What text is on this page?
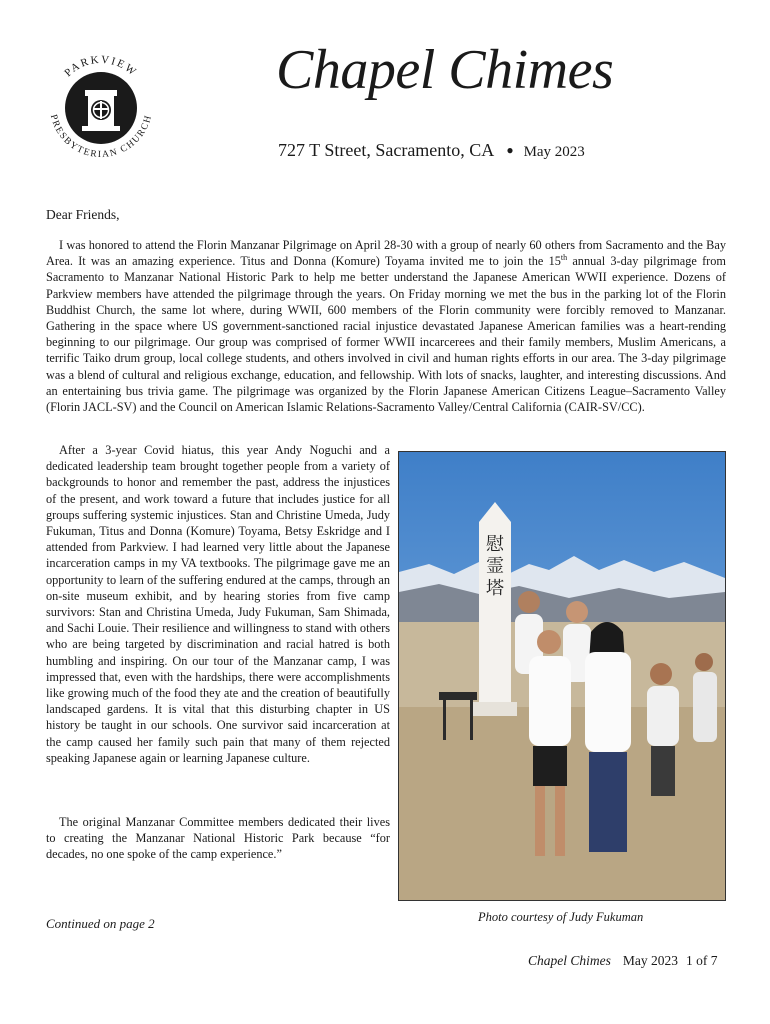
PARKVIEW
PRESBYTERIAN CHURCH
Chapel Chimes
727 T Street, Sacramento, CA ● May 2023
Dear Friends,

I was honored to attend the Florin Manzanar Pilgrimage on April 28-30 with a group of nearly 60 others from Sacramento and the Bay Area. It was an amazing experience. Titus and Donna (Komure) Toyama invited me to join the 15th annual 3-day pilgrimage from Sacramento to Manzanar National Historic Park to help me better understand the Japanese American WWII experience. Dozens of Parkview members have attended the pilgrimage through the years. On Friday morning we met the bus in the parking lot of the Florin Buddhist Church, the same lot where, during WWII, 600 members of the Florin community were forcibly removed to Manzanar. Gathering in the space where US government-sanctioned racial injustice devastated Japanese American families was a heart-rending beginning to our pilgrimage. Our group was comprised of former WWII incarcerees and their family members, Muslim Americans, a terrific Taiko drum group, local college students, and others involved in civil and human rights efforts in our area. The 3-day pilgrimage was a blend of cultural and religious exchange, education, and fellowship. With lots of snacks, laughter, and interesting discussions. And an entertaining bus trivia game. The pilgrimage was organized by the Florin Japanese American Citizens League–Sacramento Valley (Florin JACL-SV) and the Council on American Islamic Relations-Sacramento Valley/Central California (CAIR-SV/CC).

After a 3-year Covid hiatus, this year Andy Noguchi and a dedicated leadership team brought together people from a variety of backgrounds to honor and remember the past, address the injustices of the present, and work toward a future that includes justice for all groups suffering systemic injustices. Stan and Christine Umeda, Judy Fukuman, Titus and Donna (Komure) Toyama, Betsy Eskridge and I attended from Parkview. I had learned very little about the Japanese incarceration camps in my VA textbooks. The pilgrimage gave me an opportunity to learn of the suffering endured at the camps, through an on-site museum exhibit, and by hearing stories from five camp survivors: Stan and Christina Umeda, Judy Fukuman, Sam Shimada, and Sachi Louie. Their resilience and willingness to stand with others who are being targeted by discrimination and racial hatred is both humbling and inspiring. On our tour of the Manzanar camp, I was impressed that, even with the hardships, there were accomplishments like growing much of the food they ate and the creation of beautifully landscaped gardens. It is vital that this disturbing chapter in US history be taught in our schools. One survivor said incarceration at the camp caused her family such pain that many of them rejected speaking Japanese again or learning Japanese culture.

The original Manzanar Committee members dedicated their lives to creating the Manzanar National Historic Park because “for decades, no one spoke of the camp experience.”

慰
霊
塔
Photo courtesy of Judy Fukuman
Continued on page 2
Chapel Chimes May 2023 1 of 7
